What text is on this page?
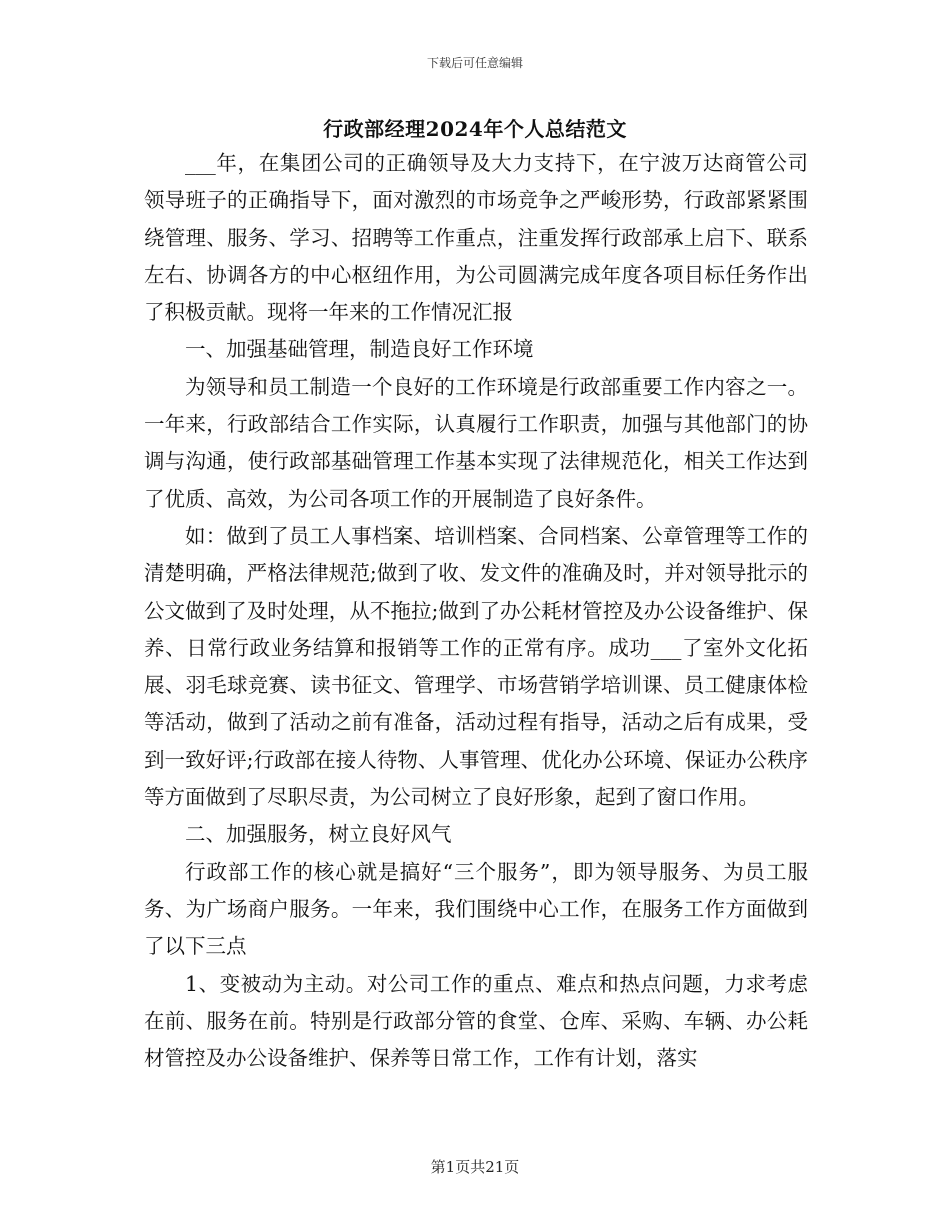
下载后可任意编辑
行政部经理2024年个人总结范文

___年，在集团公司的正确领导及大力支持下，在宁波万达商管公司领导班子的正确指导下，面对激烈的市场竞争之严峻形势，行政部紧紧围绕管理、服务、学习、招聘等工作重点，注重发挥行政部承上启下、联系左右、协调各方的中心枢纽作用，为公司圆满完成年度各项目标任务作出了积极贡献。现将一年来的工作情况汇报

一、加强基础管理，制造良好工作环境

为领导和员工制造一个良好的工作环境是行政部重要工作内容之一。一年来，行政部结合工作实际，认真履行工作职责，加强与其他部门的协调与沟通，使行政部基础管理工作基本实现了法律规范化，相关工作达到了优质、高效，为公司各项工作的开展制造了良好条件。

如：做到了员工人事档案、培训档案、合同档案、公章管理等工作的清楚明确，严格法律规范;做到了收、发文件的准确及时，并对领导批示的公文做到了及时处理，从不拖拉;做到了办公耗材管控及办公设备维护、保养、日常行政业务结算和报销等工作的正常有序。成功___了室外文化拓展、羽毛球竞赛、读书征文、管理学、市场营销学培训课、员工健康体检等活动，做到了活动之前有准备，活动过程有指导，活动之后有成果，受到一致好评;行政部在接人待物、人事管理、优化办公环境、保证办公秩序等方面做到了尽职尽责，为公司树立了良好形象，起到了窗口作用。

二、加强服务，树立良好风气

行政部工作的核心就是搞好“三个服务”，即为领导服务、为员工服务、为广场商户服务。一年来，我们围绕中心工作，在服务工作方面做到了以下三点

1、变被动为主动。对公司工作的重点、难点和热点问题，力求考虑在前、服务在前。特别是行政部分管的食堂、仓库、采购、车辆、办公耗材管控及办公设备维护、保养等日常工作，工作有计划，落实

第1页共21页
